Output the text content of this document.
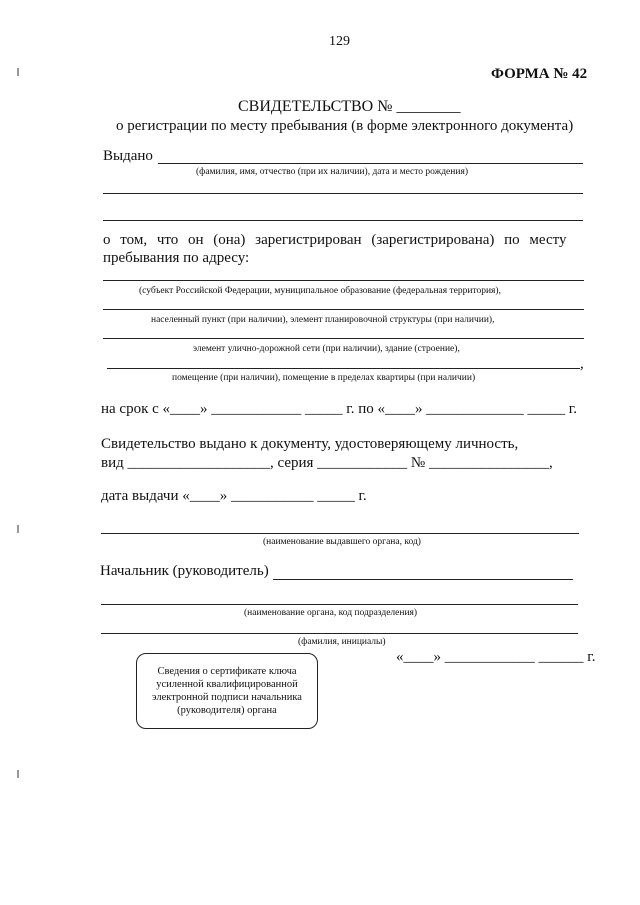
129
ФОРМА № 42
СВИДЕТЕЛЬСТВО № ________
о регистрации по месту пребывания (в форме электронного документа)
Выдано
(фамилия, имя, отчество (при их наличии), дата и место рождения)
о том, что он (она) зарегистрирован (зарегистрирована) по месту
пребывания по адресу:
(субъект Российской Федерации, муниципальное образование (федеральная территория),
населенный пункт (при наличии), элемент планировочной структуры (при наличии),
элемент улично-дорожной сети (при наличии), здание (строение),
,
помещение (при наличии), помещение в пределах квартиры (при наличии)
на срок с «____» ____________ _____ г. по «____» _____________ _____ г.
Свидетельство выдано к документу, удостоверяющему личность,
вид ___________________, серия ____________ № ________________,
дата выдачи «____» ___________ _____ г.
(наименование выдавшего органа, код)
Начальник (руководитель)
(наименование органа, код подразделения)
(фамилия, инициалы)
«____» ____________ ______ г.
Сведения о сертификате ключа
усиленной квалифицированной
электронной подписи начальника
(руководителя) органа
